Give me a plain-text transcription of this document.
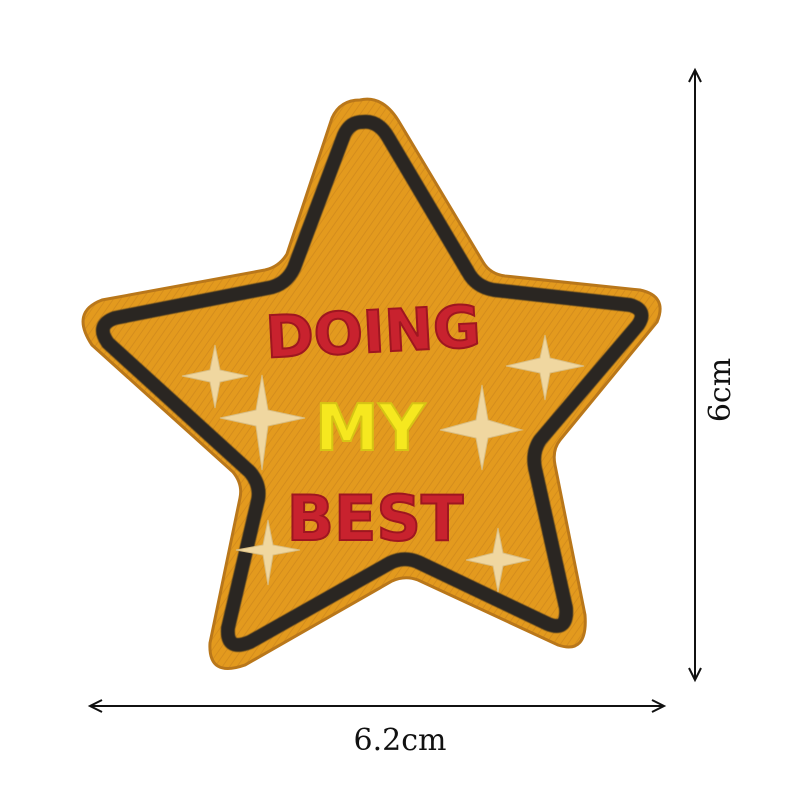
DOING
MY
BEST
6cm
6.2cm
